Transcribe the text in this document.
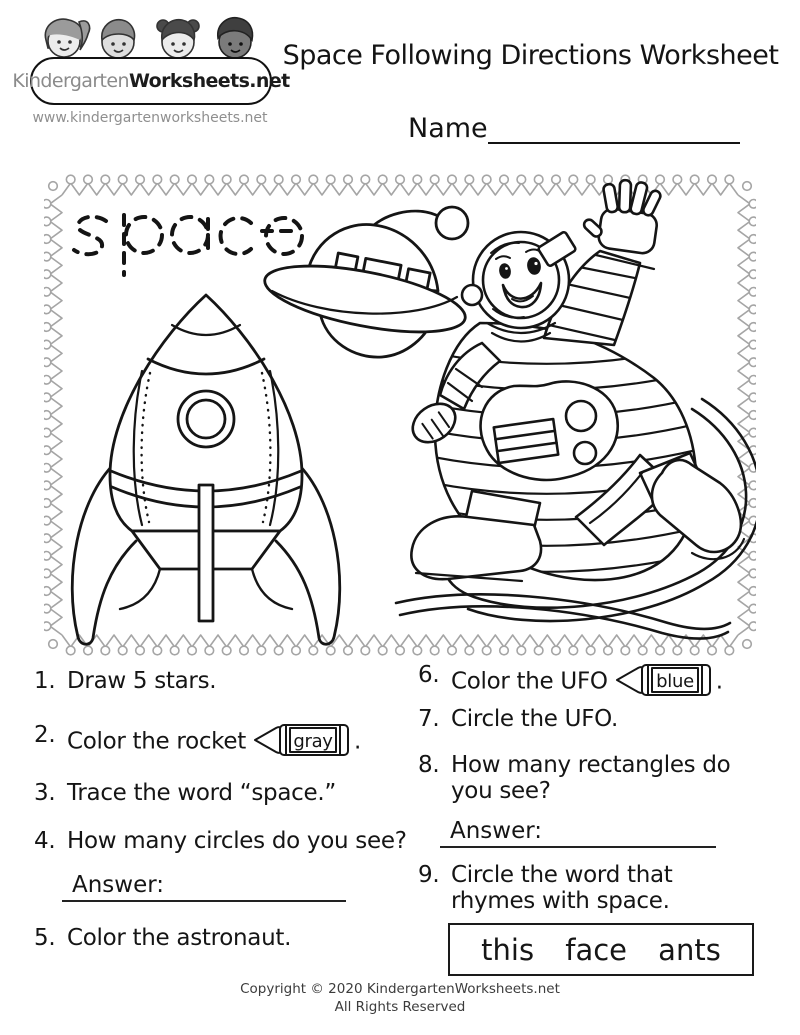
Kindergarten Worksheets.net
www.kindergartenworksheets.net
Space Following Directions Worksheet
Name
1. Draw 5 stars.
2. Color the rocket	gray .
3. Trace the word “space.”
4. How many circles do you see?
Answer:
5. Color the astronaut.
6. Color the UFO	blue .
7. Circle the UFO.
8. How many rectangles do you see?
Answer:
9. Circle the word that rhymes with space.
this face ants
Copyright © 2020 KindergartenWorksheets.net
All Rights Reserved
